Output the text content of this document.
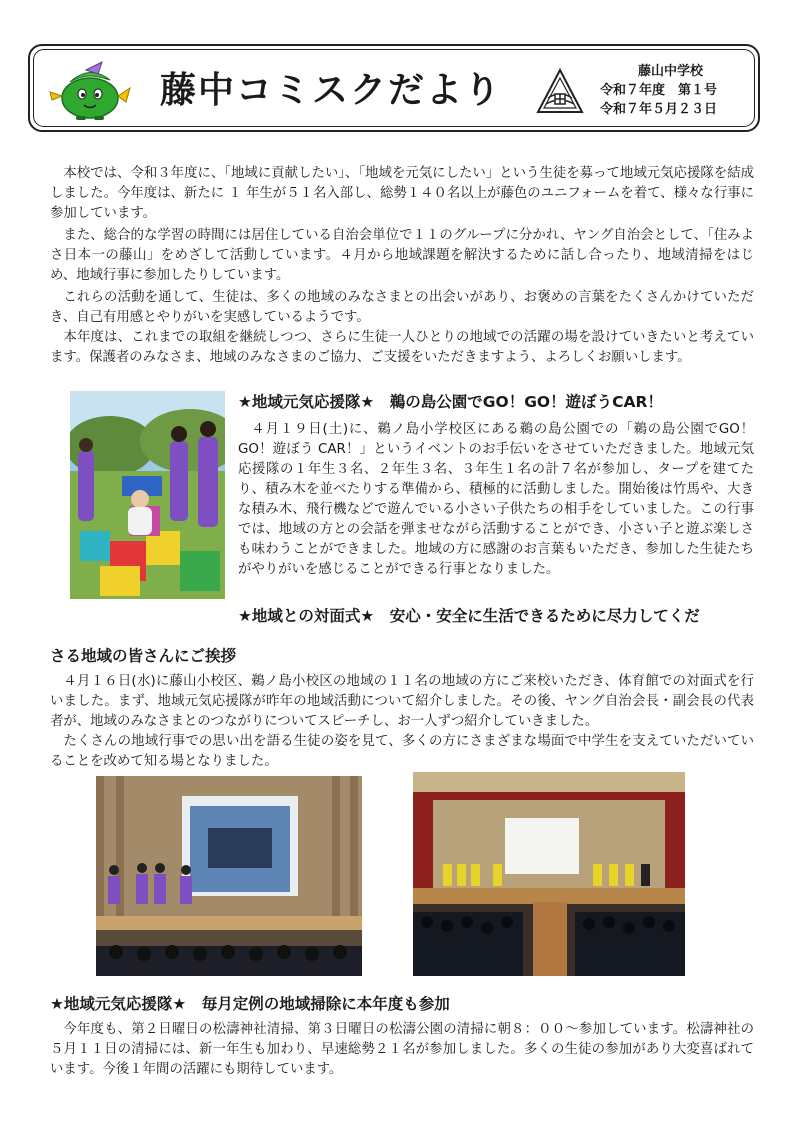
藤中コミスクだより	藤山中学校
令和７年度　第１号
令和７年５月２３日

本校では、令和３年度に、「地域に貢献したい」、「地域を元気にしたい」という生徒を募って地域元気応援隊を結成しました。今年度は、新たに １ 年生が５１名入部し、総勢１４０名以上が藤色のユニフォームを着て、様々な行事に参加しています。

また、総合的な学習の時間には居住している自治会単位で１１のグループに分かれ、ヤング自治会として、「住みよさ日本一の藤山」をめざして活動しています。４月から地域課題を解決するために話し合ったり、地域清掃をはじめ、地域行事に参加したりしています。

これらの活動を通して、生徒は、多くの地域のみなさまとの出会いがあり、お褒めの言葉をたくさんかけていただき、自己有用感とやりがいを実感しているようです。

本年度は、これまでの取組を継続しつつ、さらに生徒一人ひとりの地域での活躍の場を設けていきたいと考えています。保護者のみなさま、地域のみなさまのご協力、ご支援をいただきますよう、よろしくお願いします。

★地域元気応援隊★　鵜の島公園でGO！GO！遊ぼうCAR！

４月１９日(土)に、鵜ノ島小学校区にある鵜の島公園での「鵜の島公園でGO！ GO！遊ぼう CAR！」というイベントのお手伝いをさせていただきました。地域元気応援隊の１年生３名、２年生３名、３年生１名の計７名が参加し、タープを建てたり、積み木を並べたりする準備から、積極的に活動しました。開始後は竹馬や、大きな積み木、飛行機などで遊んでいる小さい子供たちの相手をしていました。この行事では、地域の方との会話を弾ませながら活動することができ、小さい子と遊ぶ楽しさも味わうことができました。地域の方に感謝のお言葉もいただき、参加した生徒たちがやりがいを感じることができる行事となりました。

★地域との対面式★　安心・安全に生活できるために尽力してくだ
さる地域の皆さんにご挨拶

４月１６日(水)に藤山小校区、鵜ノ島小校区の地域の１１名の地域の方にご来校いただき、体育館での対面式を行いました。まず、地域元気応援隊が昨年の地域活動について紹介しました。その後、ヤング自治会長・副会長の代表者が、地域のみなさまとのつながりについてスピーチし、お一人ずつ紹介していきました。

たくさんの地域行事での思い出を語る生徒の姿を見て、多くの方にさまざまな場面で中学生を支えていただいていることを改めて知る場となりました。

★地域元気応援隊★　毎月定例の地域掃除に本年度も参加

今年度も、第２日曜日の松濤神社清掃、第３日曜日の松濤公園の清掃に朝８：００～参加しています。松濤神社の５月１１日の清掃には、新一年生も加わり、早速総勢２１名が参加しました。多くの生徒の参加があり大変喜ばれています。今後１年間の活躍にも期待しています。
